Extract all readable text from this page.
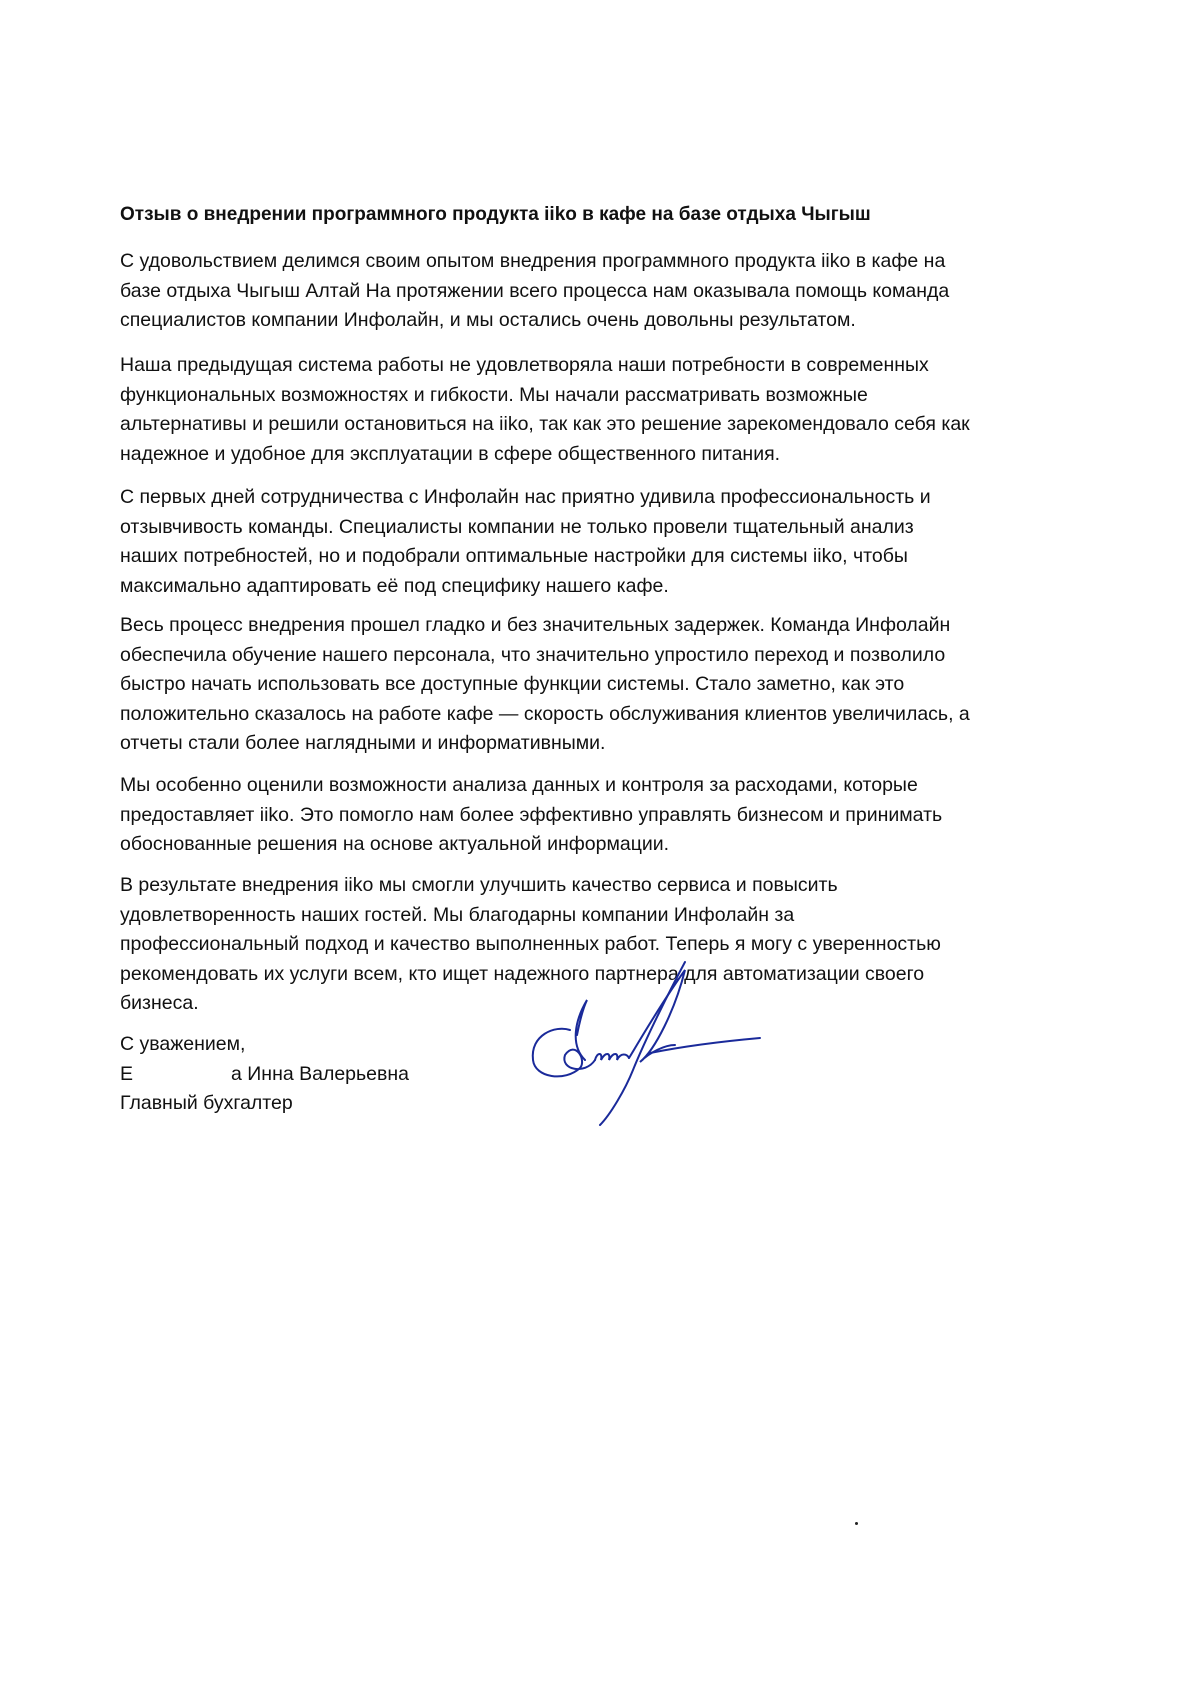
Отзыв о внедрении программного продукта iiko в кафе на базе отдыха Чыгыш
С удовольствием делимся своим опытом внедрения программного продукта iiko в кафе на
базе отдыха Чыгыш Алтай На протяжении всего процесса нам оказывала помощь команда
специалистов компании Инфолайн, и мы остались очень довольны результатом.
Наша предыдущая система работы не удовлетворяла наши потребности в современных
функциональных возможностях и гибкости. Мы начали рассматривать возможные
альтернативы и решили остановиться на iiko, так как это решение зарекомендовало себя как
надежное и удобное для эксплуатации в сфере общественного питания.
С первых дней сотрудничества с Инфолайн нас приятно удивила профессиональность и
отзывчивость команды. Специалисты компании не только провели тщательный анализ
наших потребностей, но и подобрали оптимальные настройки для системы iiko, чтобы
максимально адаптировать её под специфику нашего кафе.
Весь процесс внедрения прошел гладко и без значительных задержек. Команда Инфолайн
обеспечила обучение нашего персонала, что значительно упростило переход и позволило
быстро начать использовать все доступные функции системы. Стало заметно, как это
положительно сказалось на работе кафе — скорость обслуживания клиентов увеличилась, а
отчеты стали более наглядными и информативными.
Мы особенно оценили возможности анализа данных и контроля за расходами, которые
предоставляет iiko. Это помогло нам более эффективно управлять бизнесом и принимать
обоснованные решения на основе актуальной информации.
В результате внедрения iiko мы смогли улучшить качество сервиса и повысить
удовлетворенность наших гостей. Мы благодарны компании Инфолайн за
профессиональный подход и качество выполненных работ. Теперь я могу с уверенностью
рекомендовать их услуги всем, кто ищет надежного партнера для автоматизации своего
бизнеса.
С уважением,
Е	а Инна Валерьевна
Главный бухгалтер
